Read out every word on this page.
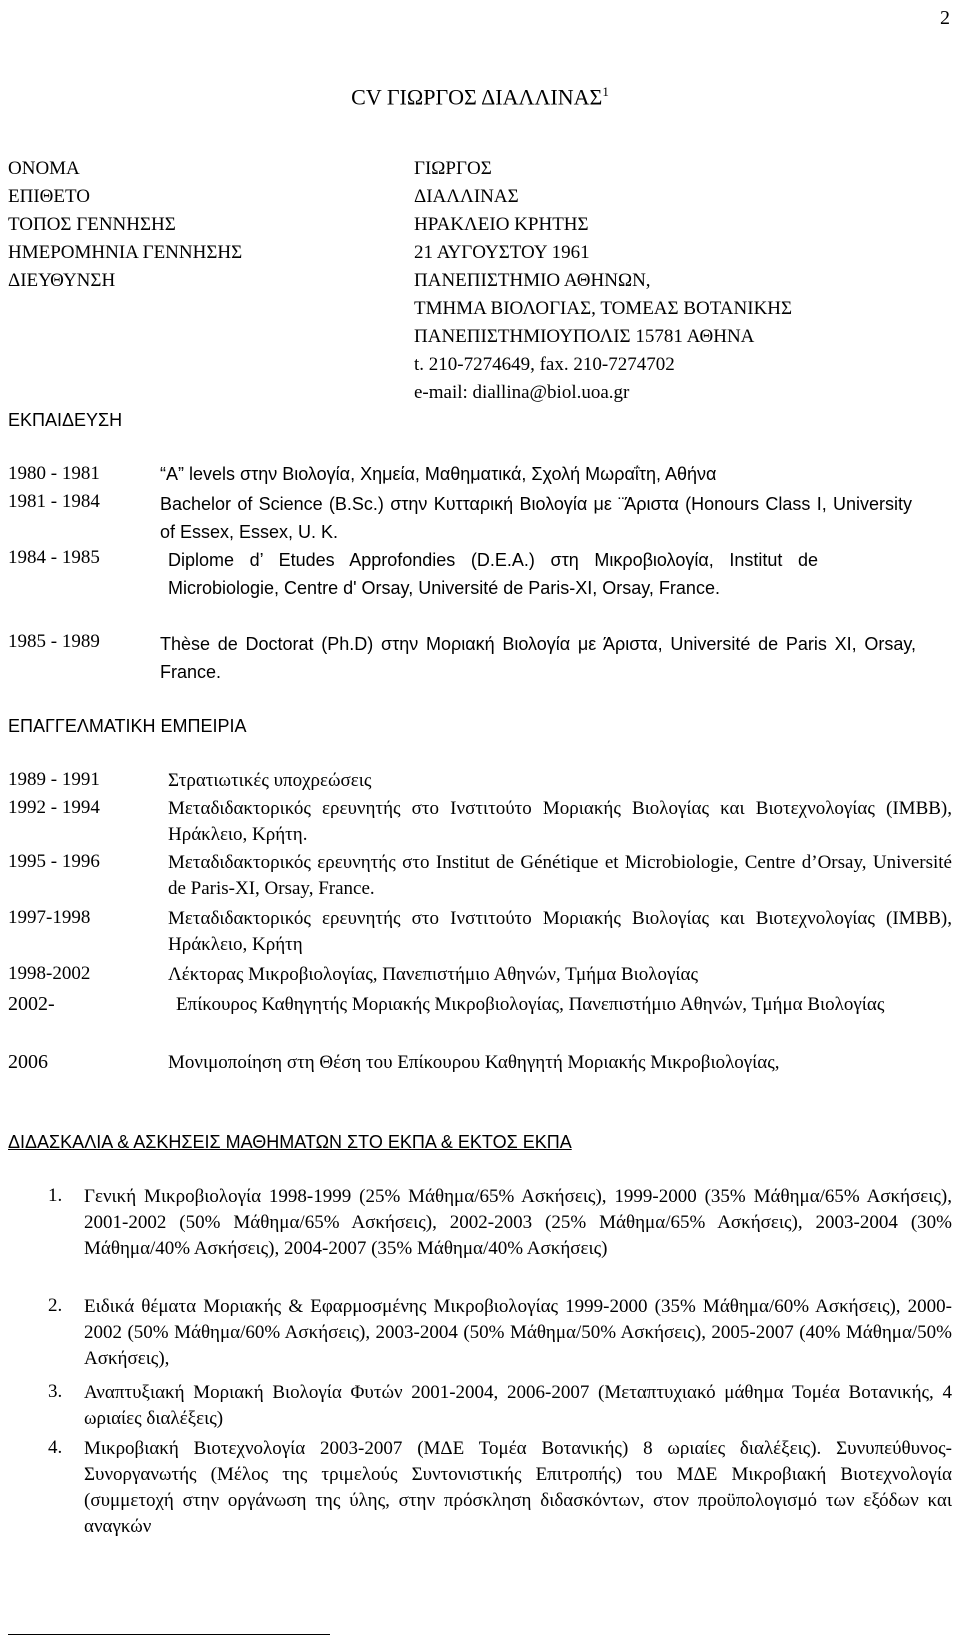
2
CV ΓΙΩΡΓΟΣ ΔΙΑΛΛΙΝΑΣ$^1$
ΟΝΟΜΑ	ΓΙΩΡΓΟΣ
ΕΠΙΘΕΤΟ	ΔΙΑΛΛΙΝΑΣ
ΤΟΠΟΣ ΓΕΝΝΗΣΗΣ	ΗΡΑΚΛΕΙΟ ΚΡΗΤΗΣ
ΗΜΕΡΟΜΗΝΙΑ ΓΕΝΝΗΣΗΣ	21 ΑΥΓΟΥΣΤΟΥ 1961
ΔΙΕΥΘΥΝΣΗ	ΠΑΝΕΠΙΣΤΗΜΙΟ ΑΘΗΝΩΝ,
ΤΜΗΜΑ ΒΙΟΛΟΓΙΑΣ, ΤΟΜΕΑΣ ΒΟΤΑΝΙΚΗΣ
ΠΑΝΕΠΙΣΤΗΜΙΟΥΠΟΛΙΣ 15781 ΑΘΗΝΑ
t. 210-7274649, fax. 210-7274702
e-mail: diallina@biol.uoa.gr
ΕΚΠΑΙΔΕΥΣΗ
1980 - 1981	“A” levels στην Βιολογία, Χημεία, Μαθηματικά, Σχολή Μωραΐτη, Αθήνα
1981 - 1984	Bachelor of Science (B.Sc.) στην Κυτταρική Βιολογία με ¨Άριστα (Honours Class I, University of Essex, Essex, U. K.
1984 - 1985	Diplome d’ Etudes Approfondies (D.E.A.) στη Μικροβιολογία, Institut de Microbiologie, Centre d' Orsay, Université de Paris-XI, Orsay, France.
1985 - 1989	Thèse de Doctorat (Ph.D) στην Μοριακή Βιολογία με Άριστα, Université de Paris XI, Orsay, France.
ΕΠΑΓΓΕΛΜΑΤΙΚΗ ΕΜΠΕΙΡΙΑ
1989 - 1991	Στρατιωτικές υποχρεώσεις
1992 - 1994	Μεταδιδακτορικός ερευνητής στο Ινστιτούτο Μοριακής Βιολογίας και Βιοτεχνολογίας (IMBB), Ηράκλειο, Κρήτη.
1995 - 1996	Μεταδιδακτορικός ερευνητής στο Institut de Génétique et Microbiologie, Centre d’Orsay, Université de Paris-XI, Orsay, France.
1997-1998	Μεταδιδακτορικός ερευνητής στο Ινστιτούτο Μοριακής Βιολογίας και Βιοτεχνολογίας (IMBB), Ηράκλειο, Κρήτη
1998-2002	Λέκτορας Μικροβιολογίας, Πανεπιστήμιο Αθηνών, Τμήμα Βιολογίας
2002-	Επίκουρος Καθηγητής Μοριακής Μικροβιολογίας, Πανεπιστήμιο Αθηνών, Τμήμα Βιολογίας
2006	Μονιμοποίηση στη Θέση του Επίκουρου Καθηγητή Μοριακής Μικροβιολογίας,
ΔΙΔΑΣΚΑΛΙΑ & ΑΣΚΗΣΕΙΣ ΜΑΘΗΜΑΤΩΝ ΣΤΟ ΕΚΠΑ & ΕΚΤΟΣ ΕΚΠΑ
1. Γενική Μικροβιολογία 1998-1999 (25% Μάθημα/65% Ασκήσεις), 1999-2000 (35% Μάθημα/65% Ασκήσεις), 2001-2002 (50% Μάθημα/65% Ασκήσεις), 2002-2003 (25% Μάθημα/65% Ασκήσεις), 2003-2004 (30% Μάθημα/40% Ασκήσεις), 2004-2007 (35% Μάθημα/40% Ασκήσεις)
2. Ειδικά θέματα Μοριακής & Εφαρμοσμένης Μικροβιολογίας 1999-2000 (35% Μάθημα/60% Ασκήσεις), 2000-2002 (50% Μάθημα/60% Ασκήσεις), 2003-2004 (50% Μάθημα/50% Ασκήσεις), 2005-2007 (40% Μάθημα/50% Ασκήσεις),
3. Αναπτυξιακή Μοριακή Βιολογία Φυτών 2001-2004, 2006-2007 (Μεταπτυχιακό μάθημα Τομέα Βοτανικής, 4 ωριαίες διαλέξεις)
4. Μικροβιακή Βιοτεχνολογία 2003-2007 (ΜΔΕ Τομέα Βοτανικής) 8 ωριαίες διαλέξεις). Συνυπεύθυνος-Συνοργανωτής (Μέλος της τριμελούς Συντονιστικής Επιτροπής) του ΜΔΕ Μικροβιακή Βιοτεχνολογία (συμμετοχή στην οργάνωση της ύλης, στην πρόσκληση διδασκόντων, στον προϋπολογισμό των εξόδων και αναγκών
